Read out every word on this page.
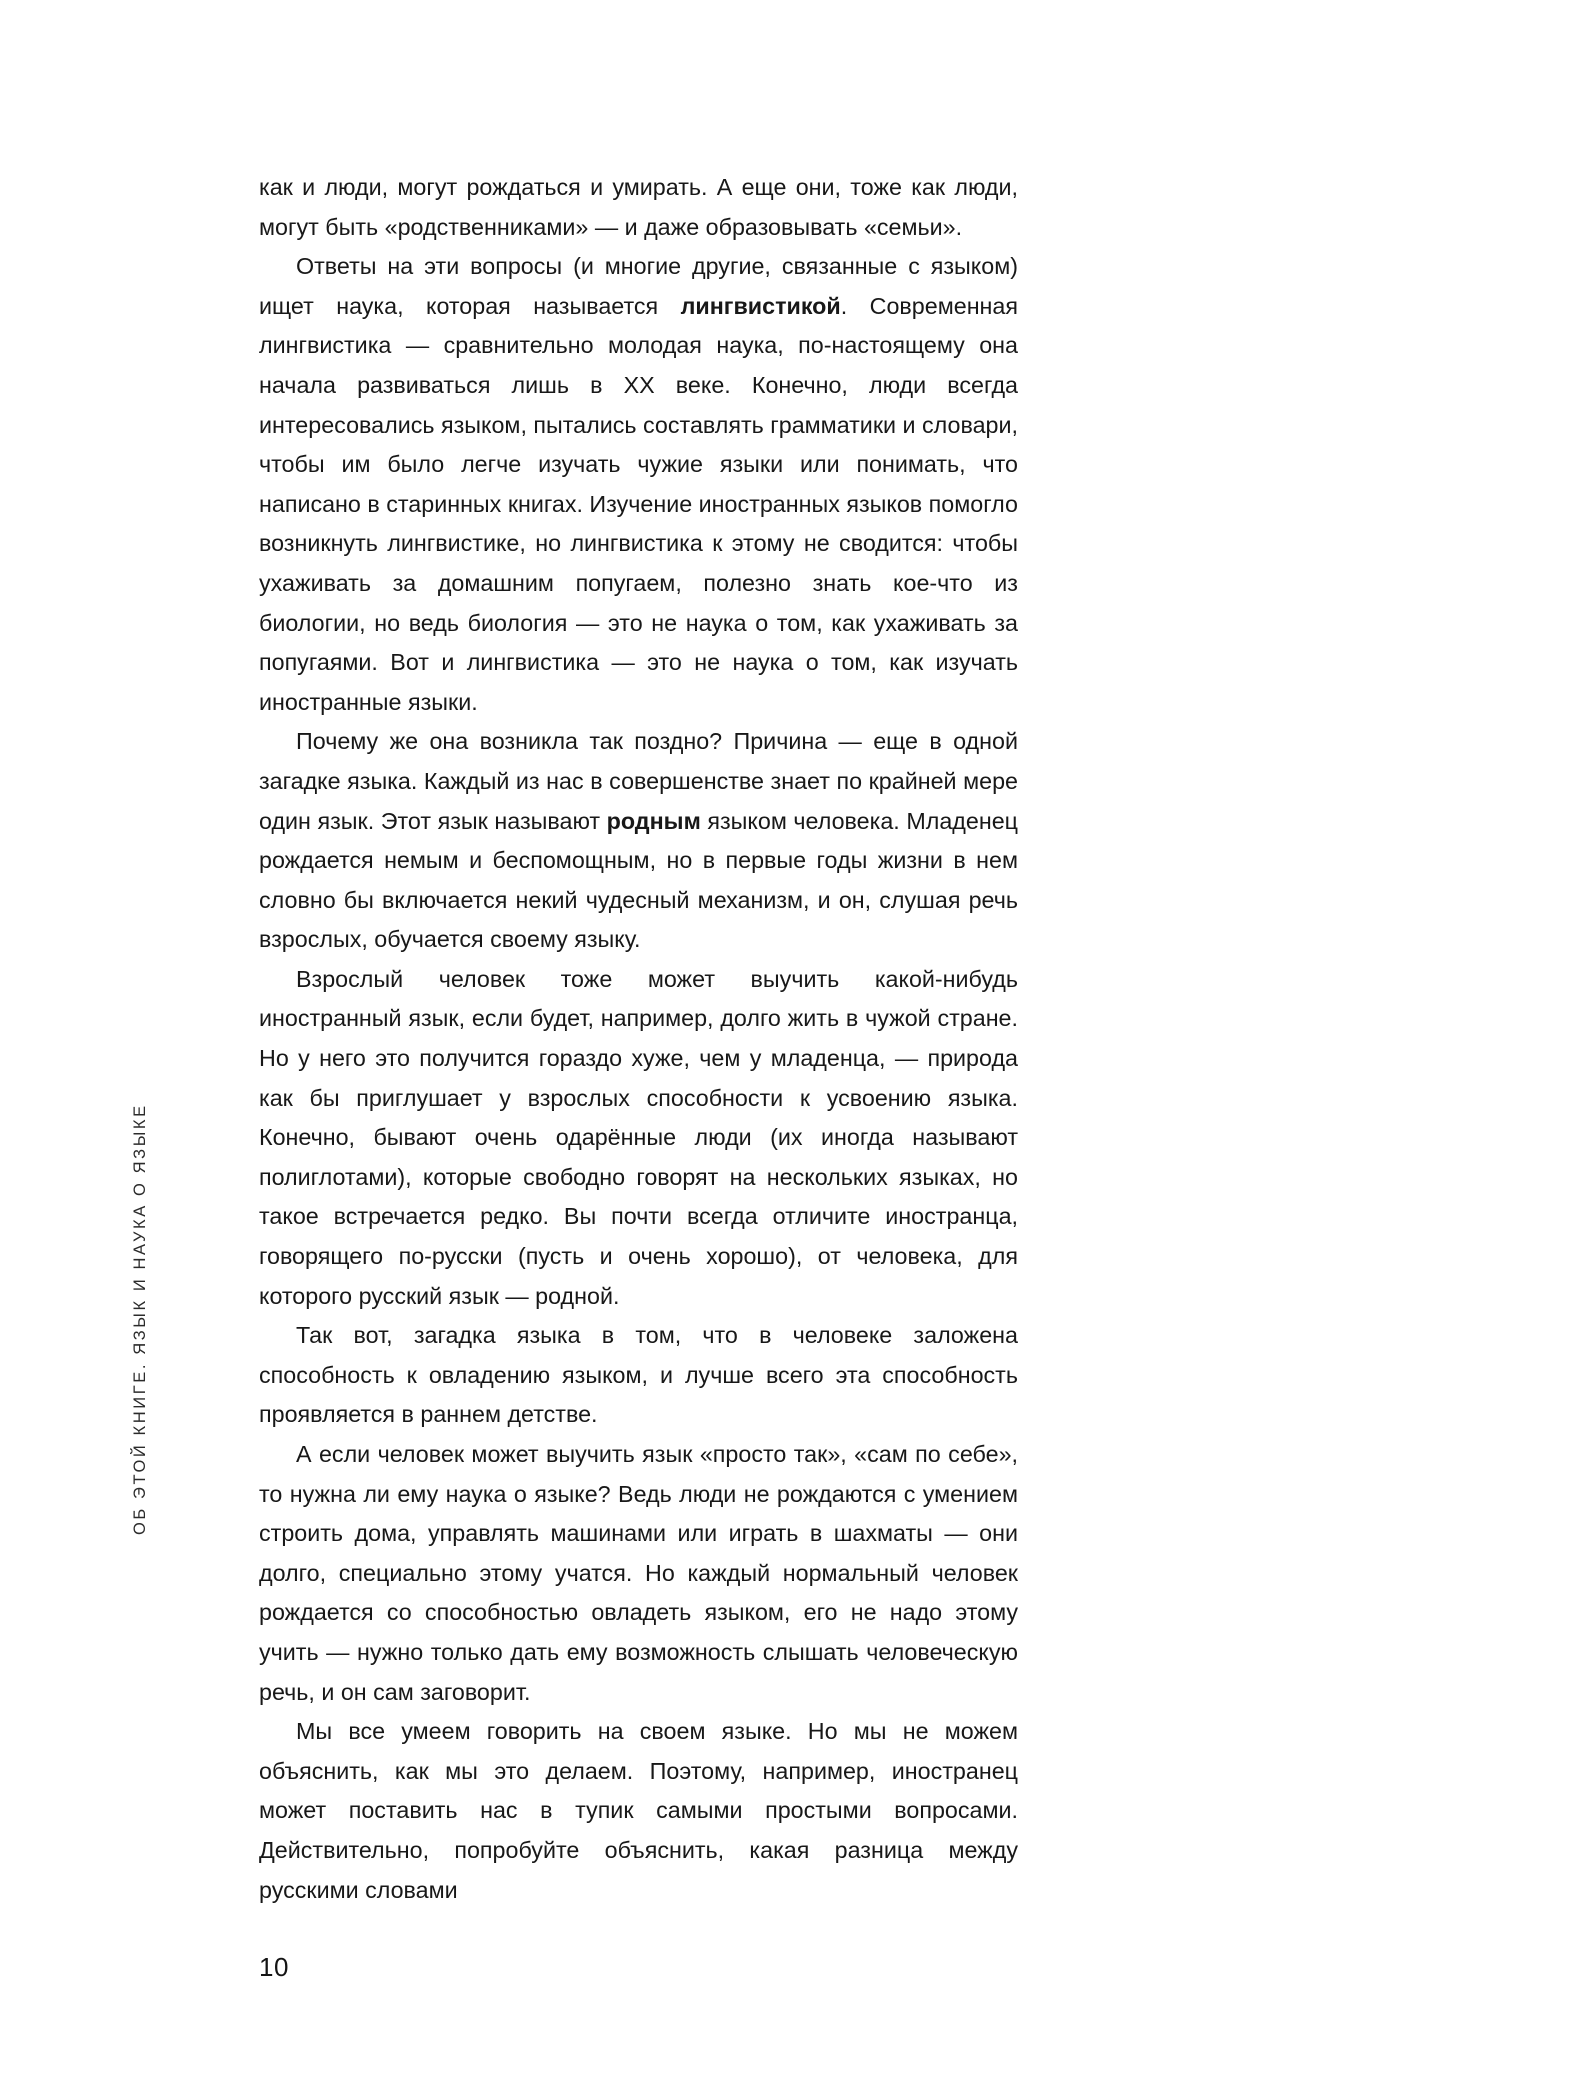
ОБ ЭТОЙ КНИГЕ. ЯЗЫК И НАУКА О ЯЗЫКЕ
10

как и люди, могут рождаться и умирать. А еще они, тоже как люди, могут быть «родственниками» — и даже образовывать «семьи».

Ответы на эти вопросы (и многие другие, связанные с языком) ищет наука, которая называется лингвистикой. Современная лингвистика — сравнительно молодая наука, по-настоящему она начала развиваться лишь в XX веке. Конечно, люди всегда интересовались языком, пытались составлять грамматики и словари, чтобы им было легче изучать чужие языки или понимать, что написано в старинных книгах. Изучение иностранных языков помогло возникнуть лингвистике, но лингвистика к этому не сводится: чтобы ухаживать за домашним попугаем, полезно знать кое-что из биологии, но ведь биология — это не наука о том, как ухаживать за попугаями. Вот и лингвистика — это не наука о том, как изучать иностранные языки.

Почему же она возникла так поздно? Причина — еще в одной загадке языка. Каждый из нас в совершенстве знает по крайней мере один язык. Этот язык называют родным языком человека. Младенец рождается немым и беспомощным, но в первые годы жизни в нем словно бы включается некий чудесный механизм, и он, слушая речь взрослых, обучается своему языку.

Взрослый человек тоже может выучить какой-нибудь иностранный язык, если будет, например, долго жить в чужой стране. Но у него это получится гораздо хуже, чем у младенца, — природа как бы приглушает у взрослых способности к усвоению языка. Конечно, бывают очень одарённые люди (их иногда называют полиглотами), которые свободно говорят на нескольких языках, но такое встречается редко. Вы почти всегда отличите иностранца, говорящего по-русски (пусть и очень хорошо), от человека, для которого русский язык — родной.

Так вот, загадка языка в том, что в человеке заложена способность к овладению языком, и лучше всего эта способность проявляется в раннем детстве.

А если человек может выучить язык «просто так», «сам по себе», то нужна ли ему наука о языке? Ведь люди не рождаются с умением строить дома, управлять машинами или играть в шахматы — они долго, специально этому учатся. Но каждый нормальный человек рождается со способностью овладеть языком, его не надо этому учить — нужно только дать ему возможность слышать человеческую речь, и он сам заговорит.

Мы все умеем говорить на своем языке. Но мы не можем объяснить, как мы это делаем. Поэтому, например, иностранец может поставить нас в тупик самыми простыми вопросами. Действительно, попробуйте объяснить, какая разница между русскими словами
